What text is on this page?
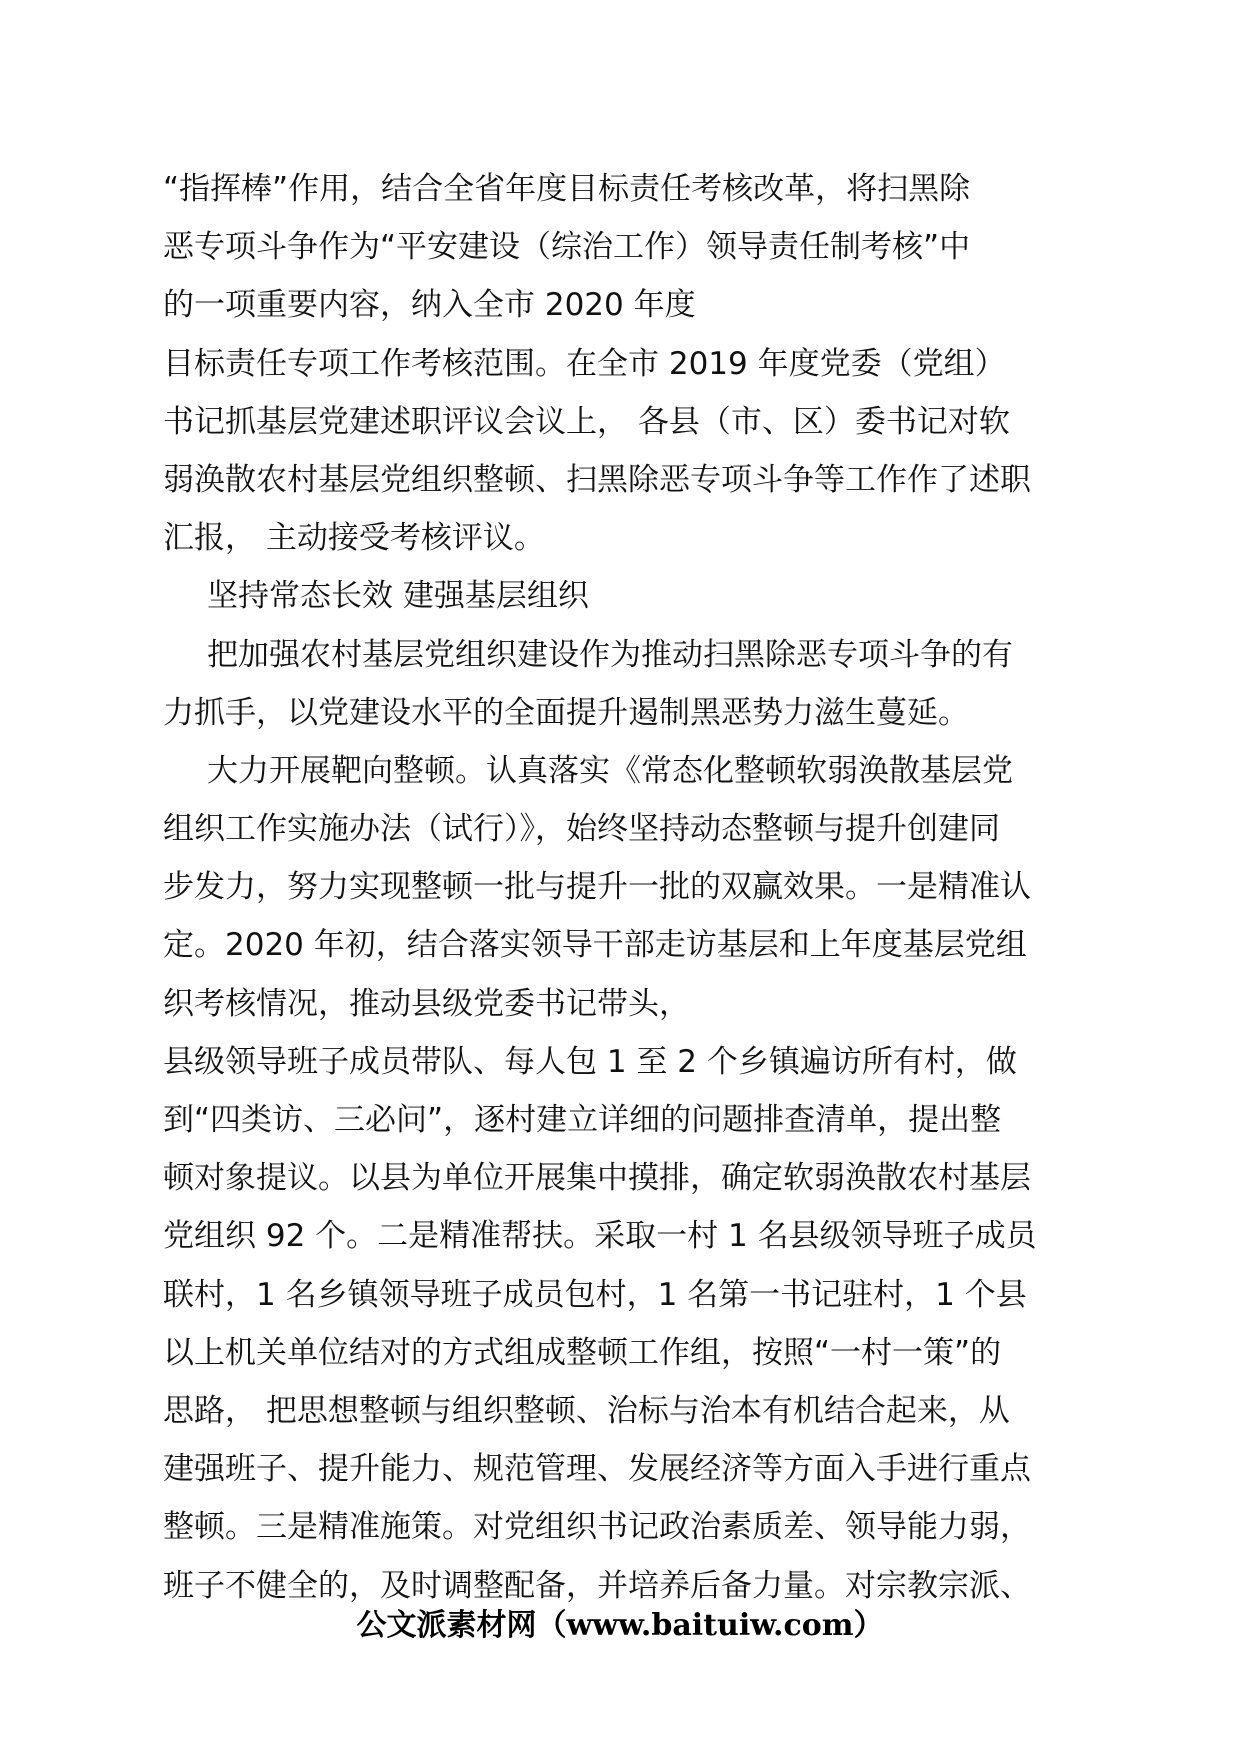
“指挥棒”作用，结合全省年度目标责任考核改革，将扫黑除
恶专项斗争作为“平安建设（综治工作）领导责任制考核”中
的一项重要内容，纳入全市 2020 年度
目标责任专项工作考核范围。在全市 2019 年度党委（党组）
书记抓基层党建述职评议会议上， 各县（市、区）委书记对软
弱涣散农村基层党组织整顿、扫黑除恶专项斗争等工作作了述职
汇报， 主动接受考核评议。
坚持常态长效 建强基层组织
把加强农村基层党组织建设作为推动扫黑除恶专项斗争的有
力抓手，以党建设水平的全面提升遏制黑恶势力滋生蔓延。
大力开展靶向整顿。认真落实《常态化整顿软弱涣散基层党
组织工作实施办法（试行）》，始终坚持动态整顿与提升创建同
步发力，努力实现整顿一批与提升一批的双赢效果。一是精准认
定。2020 年初，结合落实领导干部走访基层和上年度基层党组
织考核情况，推动县级党委书记带头，
县级领导班子成员带队、每人包 1 至 2 个乡镇遍访所有村，做
到“四类访、三必问”，逐村建立详细的问题排查清单，提出整
顿对象提议。以县为单位开展集中摸排，确定软弱涣散农村基层
党组织 92 个。二是精准帮扶。采取一村 1 名县级领导班子成员
联村，1 名乡镇领导班子成员包村，1 名第一书记驻村，1 个县
以上机关单位结对的方式组成整顿工作组，按照“一村一策”的
思路， 把思想整顿与组织整顿、治标与治本有机结合起来，从
建强班子、提升能力、规范管理、发展经济等方面入手进行重点
整顿。三是精准施策。对党组织书记政治素质差、领导能力弱，
班子不健全的，及时调整配备，并培养后备力量。对宗教宗派、
公文派素材网（www.baituiw.com）
